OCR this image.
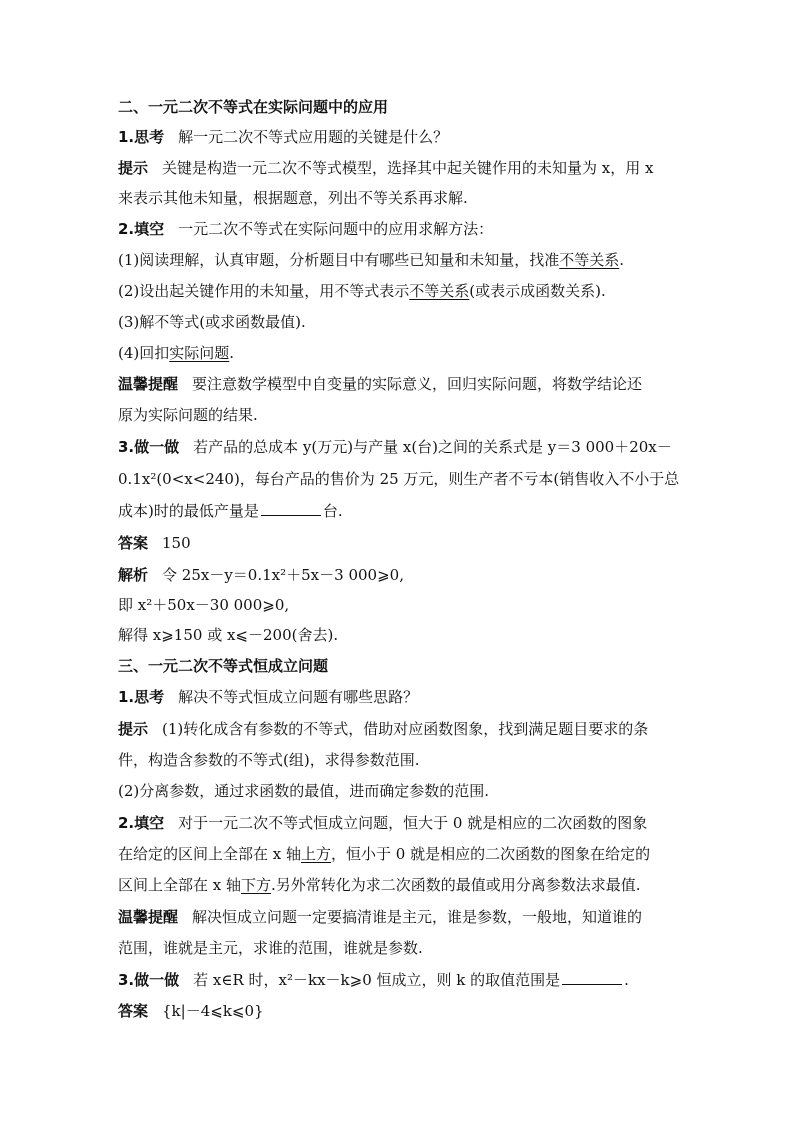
二、一元二次不等式在实际问题中的应用
1.思考 解一元二次不等式应用题的关键是什么？
提示 关键是构造一元二次不等式模型，选择其中起关键作用的未知量为 x，用 x
来表示其他未知量，根据题意，列出不等关系再求解.
2.填空 一元二次不等式在实际问题中的应用求解方法：
(1)阅读理解，认真审题，分析题目中有哪些已知量和未知量，找准不等关系.
(2)设出起关键作用的未知量，用不等式表示不等关系(或表示成函数关系).
(3)解不等式(或求函数最值).
(4)回扣实际问题.
温馨提醒 要注意数学模型中自变量的实际意义，回归实际问题，将数学结论还
原为实际问题的结果.
3.做一做 若产品的总成本 y(万元)与产量 x(台)之间的关系式是 y＝3 000＋20x－
0.1x²(0<x<240)，每台产品的售价为 25 万元，则生产者不亏本(销售收入不小于总
成本)时的最低产量是	台.
答案 150
解析 令 25x－y＝0.1x²＋5x－3 000⩾0,
即 x²＋50x－30 000⩾0,
解得 x⩾150 或 x⩽－200(舍去).
三、一元二次不等式恒成立问题
1.思考 解决不等式恒成立问题有哪些思路？
提示 (1)转化成含有参数的不等式，借助对应函数图象，找到满足题目要求的条
件，构造含参数的不等式(组)，求得参数范围.
(2)分离参数，通过求函数的最值，进而确定参数的范围.
2.填空 对于一元二次不等式恒成立问题，恒大于 0 就是相应的二次函数的图象
在给定的区间上全部在 x 轴上方，恒小于 0 就是相应的二次函数的图象在给定的
区间上全部在 x 轴下方.另外常转化为求二次函数的最值或用分离参数法求最值.
温馨提醒 解决恒成立问题一定要搞清谁是主元，谁是参数，一般地，知道谁的
范围，谁就是主元，求谁的范围，谁就是参数.
3.做一做 若 x∈R 时，x²－kx－k⩾0 恒成立，则 k 的取值范围是	.
答案 {k|－4⩽k⩽0}
